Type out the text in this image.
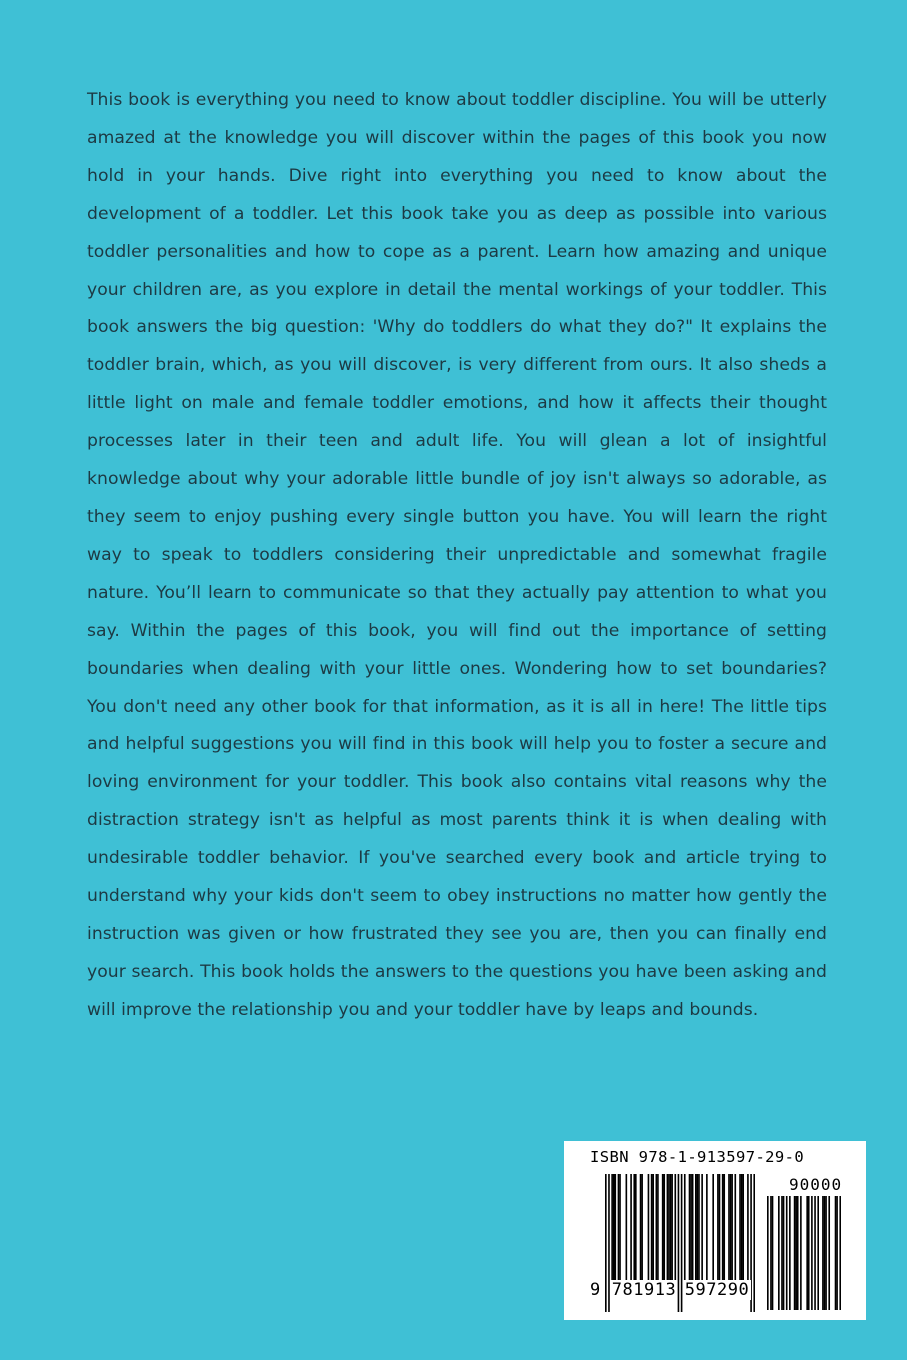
This book is everything you need to know about toddler discipline. You will be utterly amazed at the knowledge you will discover within the pages of this book you now hold in your hands. Dive right into everything you need to know about the development of a toddler. Let this book take you as deep as possible into various toddler personalities and how to cope as a parent. Learn how amazing and unique your children are, as you explore in detail the mental workings of your toddler. This book answers the big question: 'Why do toddlers do what they do?" It explains the toddler brain, which, as you will discover, is very different from ours. It also sheds a little light on male and female toddler emotions, and how it affects their thought processes later in their teen and adult life. You will glean a lot of insightful knowledge about why your adorable little bundle of joy isn't always so adorable, as they seem to enjoy pushing every single button you have. You will learn the right way to speak to toddlers considering their unpredictable and somewhat fragile nature. You’ll learn to communicate so that they actually pay attention to what you say. Within the pages of this book, you will find out the importance of setting boundaries when dealing with your little ones. Wondering how to set boundaries? You don't need any other book for that information, as it is all in here! The little tips and helpful suggestions you will find in this book will help you to foster a secure and loving environment for your toddler. This book also contains vital reasons why the distraction strategy isn't as helpful as most parents think it is when dealing with undesirable toddler behavior. If you've searched every book and article trying to understand why your kids don't seem to obey instructions no matter how gently the instruction was given or how frustrated they see you are, then you can finally end your search. This book holds the answers to the questions you have been asking and will improve the relationship you and your toddler have by leaps and bounds.

ISBN 978-1-913597-29-0
90000
9 781913 597290
